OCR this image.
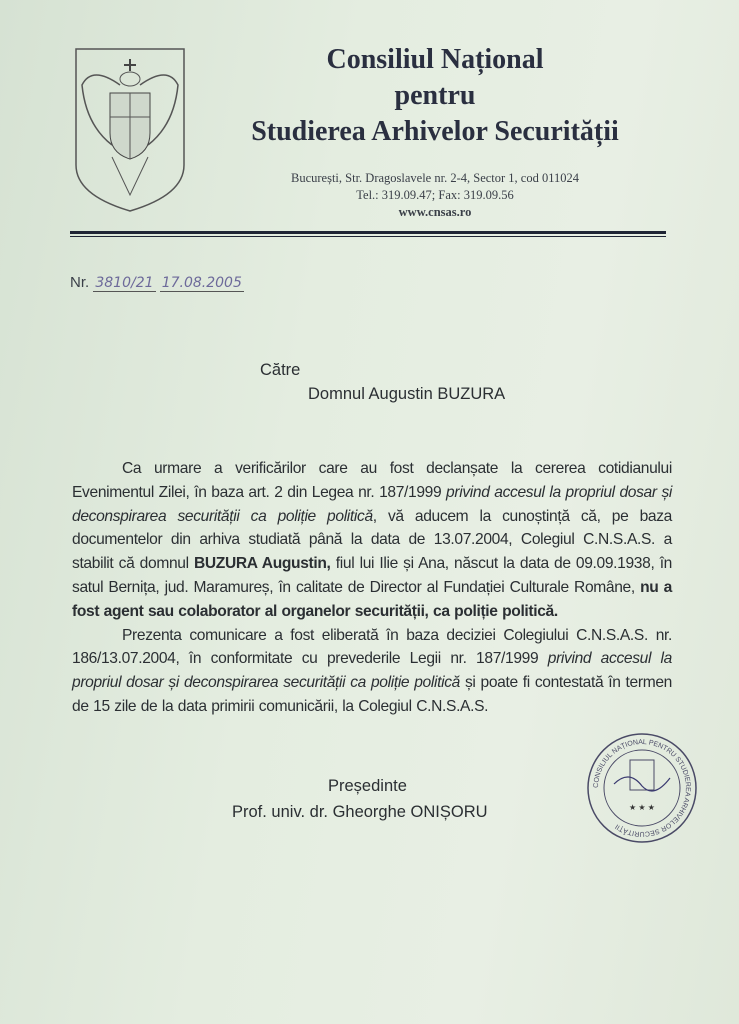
Consiliul Național
pentru
Studierea Arhivelor Securității
București, Str. Dragoslavele nr. 2-4, Sector 1, cod 011024
Tel.: 319.09.47; Fax: 319.09.56
www.cnsas.ro
Nr. 3810/21 17.08.2005
Către
Domnul Augustin BUZURA

Ca urmare a verificărilor care au fost declanșate la cererea cotidianului Evenimentul Zilei, în baza art. 2 din Legea nr. 187/1999 privind accesul la propriul dosar și deconspirarea securității ca poliție politică, vă aducem la cunoștință că, pe baza documentelor din arhiva studiată până la data de 13.07.2004, Colegiul C.N.S.A.S. a stabilit că domnul BUZURA Augustin, fiul lui Ilie și Ana, născut la data de 09.09.1938, în satul Bernița, jud. Maramureș, în calitate de Director al Fundației Culturale Române, nu a fost agent sau colaborator al organelor securității, ca poliție politică.

Prezenta comunicare a fost eliberată în baza deciziei Colegiului C.N.S.A.S. nr. 186/13.07.2004, în conformitate cu prevederile Legii nr. 187/1999 privind accesul la propriul dosar și deconspirarea securității ca poliție politică și poate fi contestată în termen de 15 zile de la data primirii comunicării, la Colegiul C.N.S.A.S.

Președinte
Prof. univ. dr. Gheorghe ONIȘORU
CONSILIUL NAȚIONAL PENTRU STUDIEREA ARHIVELOR SECURITĂȚII
★ ★ ★
